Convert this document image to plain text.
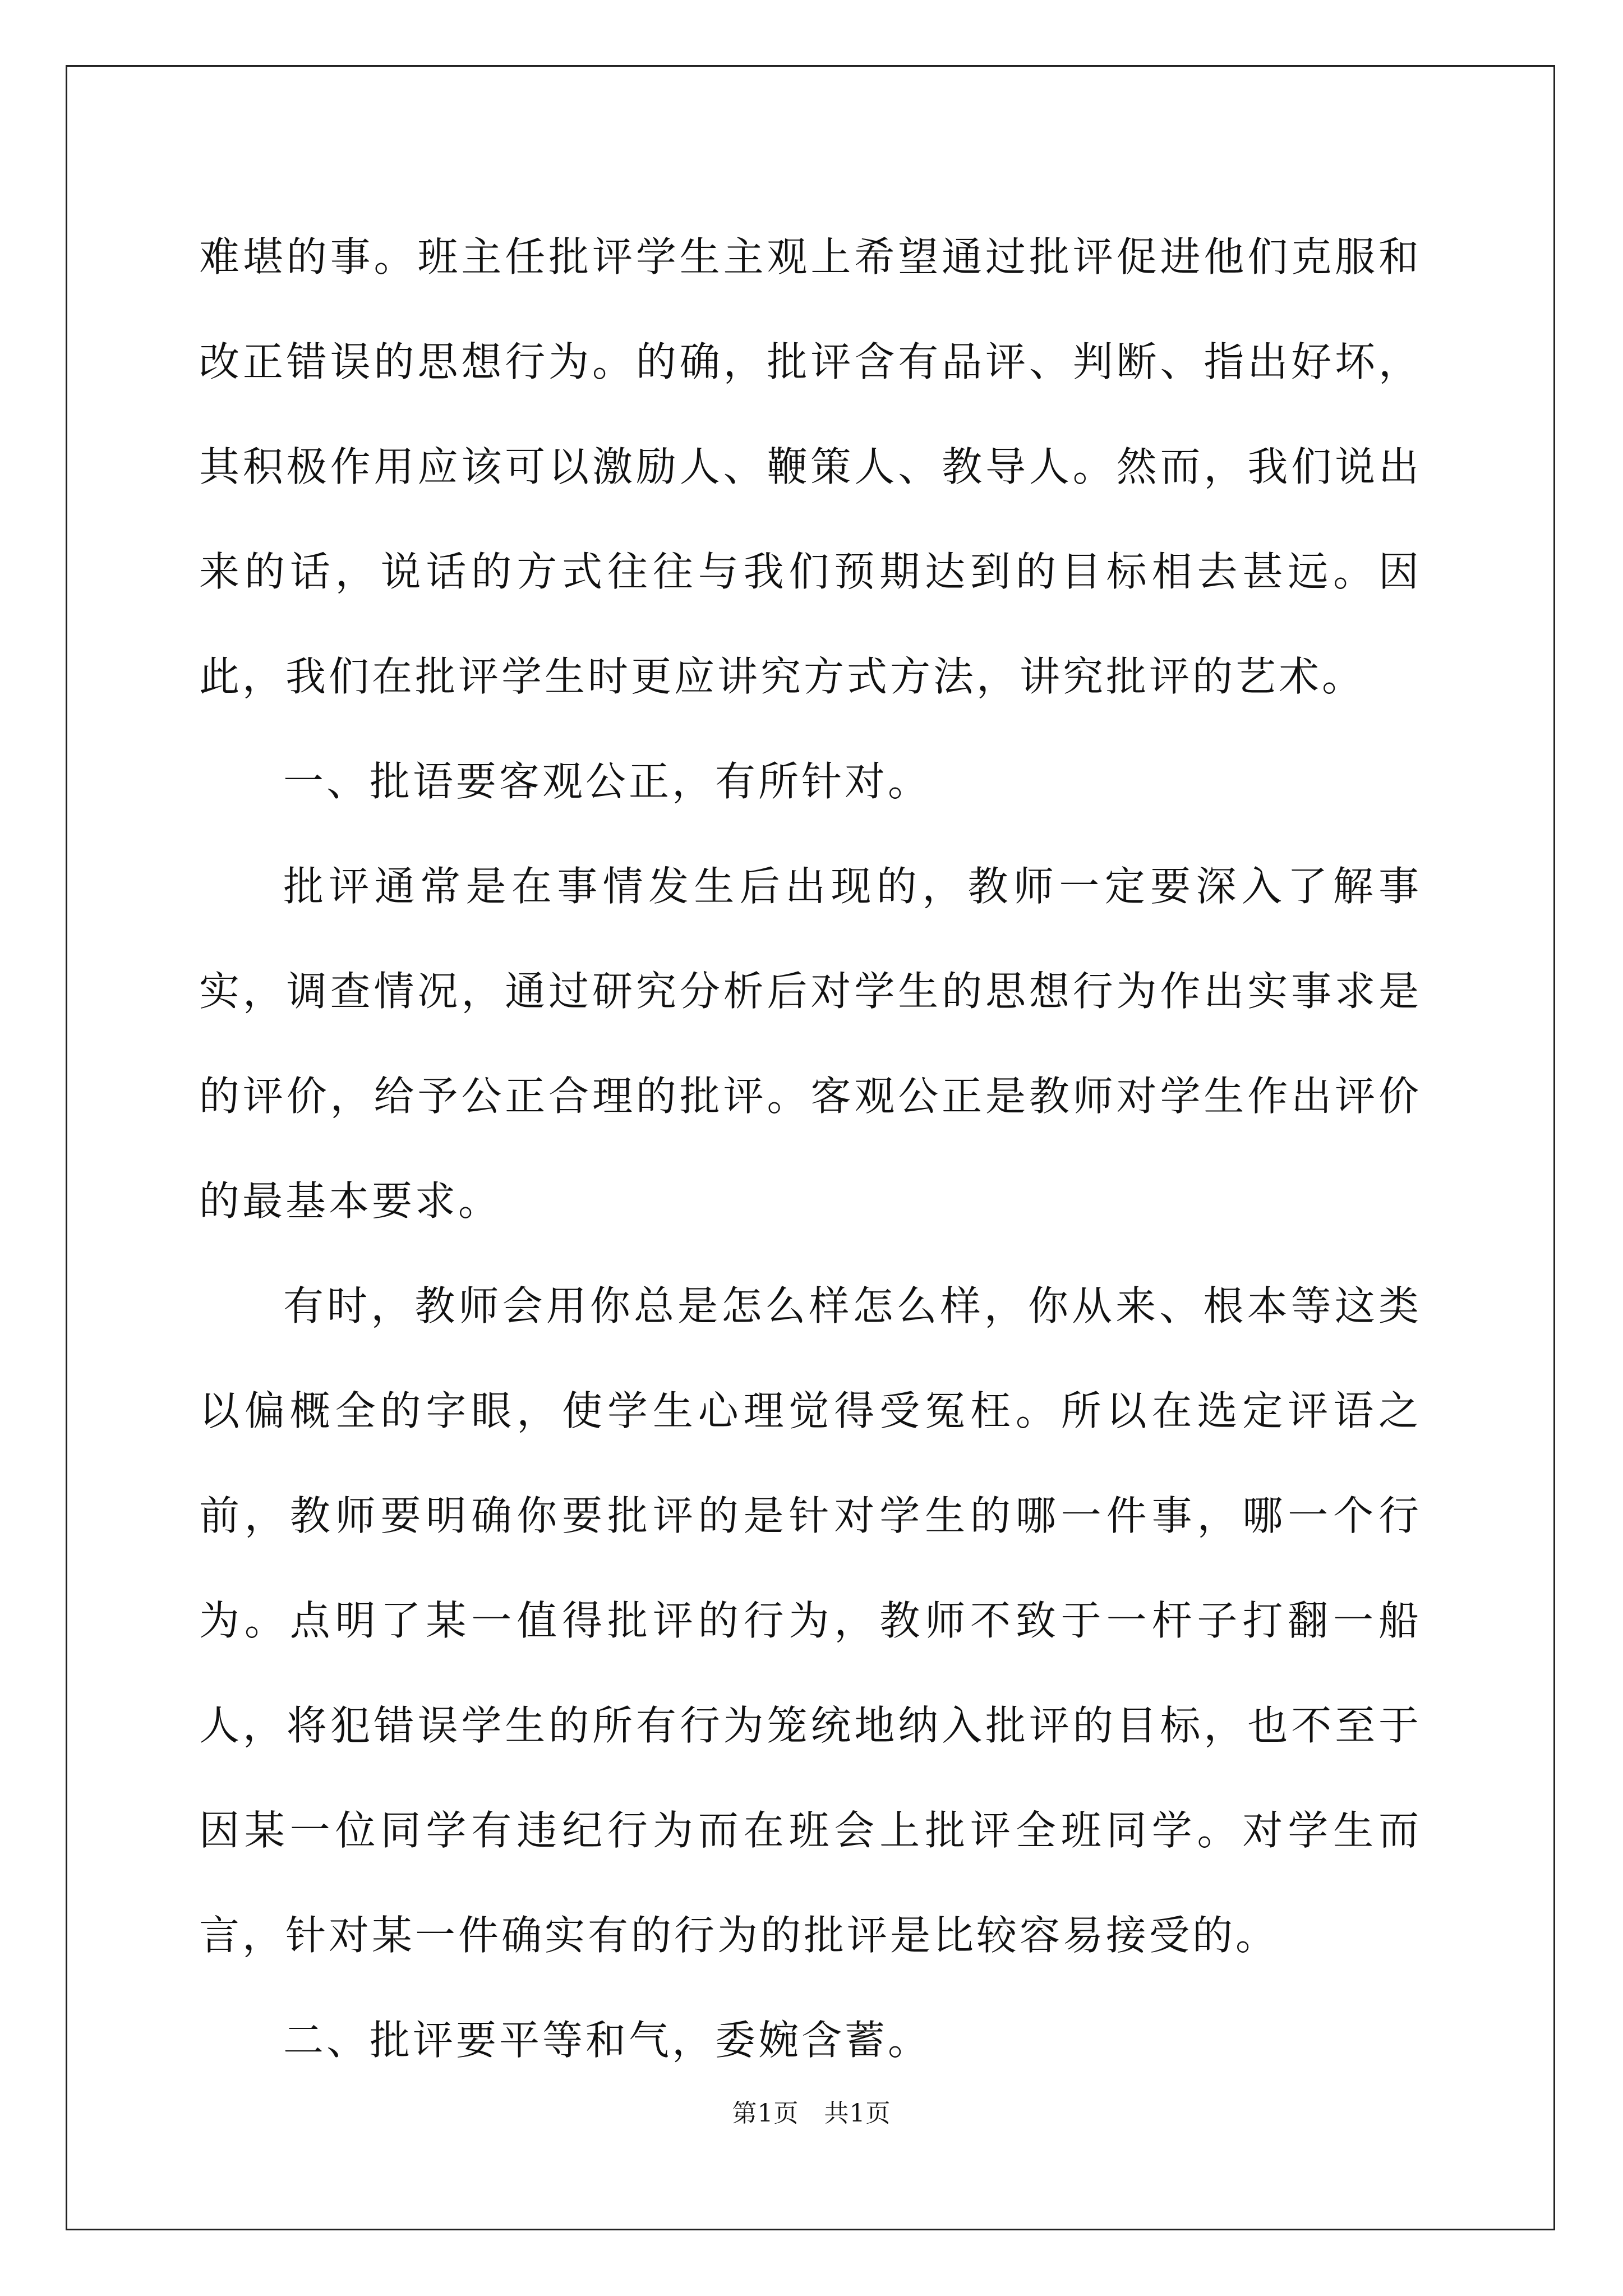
难堪的事。班主任批评学生主观上希望通过批评促进他们克服和改正错误的思想行为。的确，批评含有品评、判断、指出好坏，其积极作用应该可以激励人、鞭策人、教导人。然而，我们说出来的话，说话的方式往往与我们预期达到的目标相去甚远。因此，我们在批评学生时更应讲究方式方法，讲究批评的艺术。

一、批语要客观公正，有所针对。

批评通常是在事情发生后出现的，教师一定要深入了解事实，调查情况，通过研究分析后对学生的思想行为作出实事求是的评价，给予公正合理的批评。客观公正是教师对学生作出评价的最基本要求。

有时，教师会用你总是怎么样怎么样，你从来、根本等这类以偏概全的字眼，使学生心理觉得受冤枉。所以在选定评语之前，教师要明确你要批评的是针对学生的哪一件事，哪一个行为。点明了某一值得批评的行为，教师不致于一杆子打翻一船人，将犯错误学生的所有行为笼统地纳入批评的目标，也不至于因某一位同学有违纪行为而在班会上批评全班同学。对学生而言，针对某一件确实有的行为的批评是比较容易接受的。

二、批评要平等和气，委婉含蓄。

第1页　共1页
